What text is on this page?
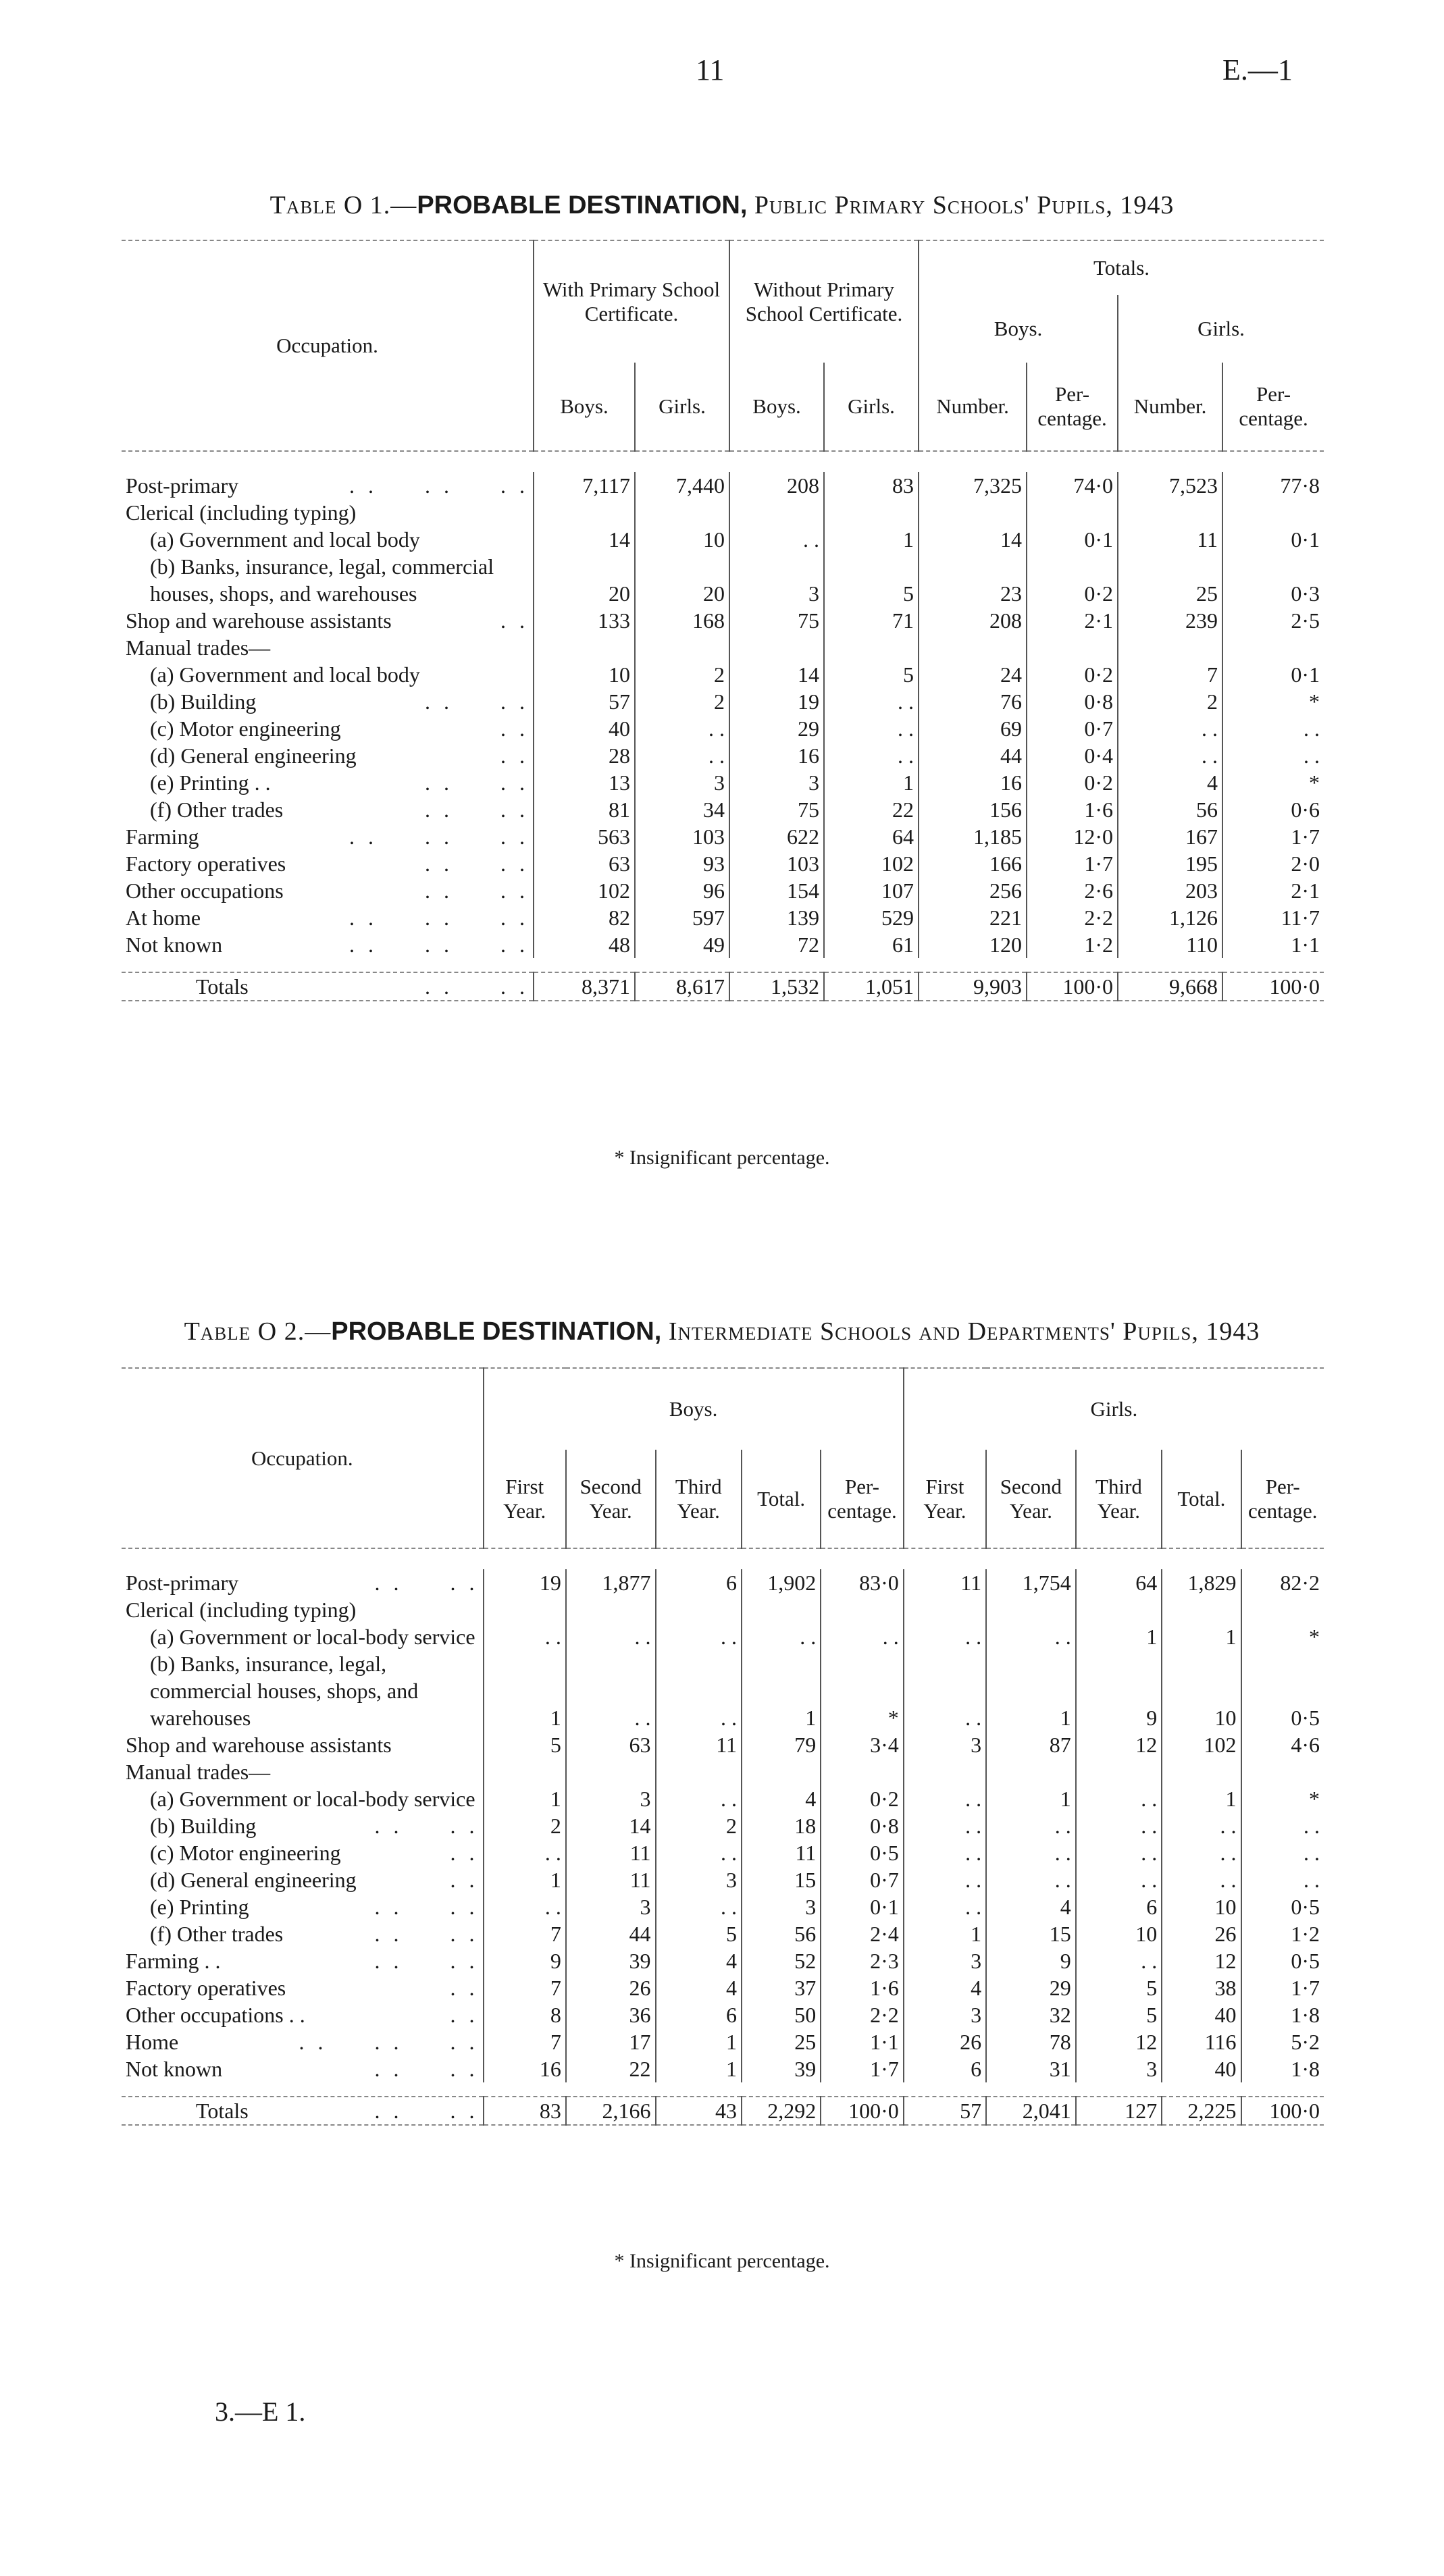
11	E.—1
Table O 1.—PROBABLE DESTINATION, Public Primary Schools' Pupils, 1943
Occupation.	With Primary School Certificate.		Without Primary School Certificate.		Totals.			
					Boys.		Girls.	
	Boys.	Girls.	Boys.	Girls.	Number.	Per-centage.	Number.	Per-centage.

Post-primary . .     . .     . .	7,117	7,440	208	83	7,325	74·0	7,523	77·8
Clerical (including typing)								
(a) Government and local body	14	10	. .	1	14	0·1	11	0·1
(b) Banks, insurance, legal, commercial houses, shops, and warehouses	20	20	3	5	23	0·2	25	0·3
Shop and warehouse assistants . .	133	168	75	71	208	2·1	239	2·5
Manual trades—								
(a) Government and local body	10	2	14	5	24	0·2	7	0·1
(b) Building . .     . .	57	2	19	. .	76	0·8	2	*
(c) Motor engineering . .	40	. .	29	. .	69	0·7	. .	. .
(d) General engineering . .	28	. .	16	. .	44	0·4	. .	. .
(e) Printing . . . .     . .	13	3	3	1	16	0·2	4	*
(f) Other trades . .     . .	81	34	75	22	156	1·6	56	0·6
Farming . .     . .     . .	563	103	622	64	1,185	12·0	167	1·7
Factory operatives . .     . .	63	93	103	102	166	1·7	195	2·0
Other occupations . .     . .	102	96	154	107	256	2·6	203	2·1
At home . .     . .     . .	82	597	139	529	221	2·2	1,126	11·7
Not known . .     . .     . .	48	49	72	61	120	1·2	110	1·1

Totals . .     . .	8,371	8,617	1,532	1,051	9,903	100·0	9,668	100·0
* Insignificant percentage.
Table O 2.—PROBABLE DESTINATION, Intermediate Schools and Departments' Pupils, 1943
Occupation.	Boys.					Girls.				
	First Year.	Second Year.	Third Year.	Total.	Per-centage.	First Year.	Second Year.	Third Year.	Total.	Per-centage.

Post-primary . .     . .	19	1,877	6	1,902	83·0	11	1,754	64	1,829	82·2
Clerical (including typing)										
(a) Government or local-body service	. .	. .	. .	. .	. .	. .	. .	1	1	*
(b) Banks, insurance, legal, commercial houses, shops, and warehouses	1	. .	. .	1	*	. .	1	9	10	0·5
Shop and warehouse assistants	5	63	11	79	3·4	3	87	12	102	4·6
Manual trades—										
(a) Government or local-body service	1	3	. .	4	0·2	. .	1	. .	1	*
(b) Building . .     . .	2	14	2	18	0·8	. .	. .	. .	. .	. .
(c) Motor engineering . .	. .	11	. .	11	0·5	. .	. .	. .	. .	. .
(d) General engineering . .	1	11	3	15	0·7	. .	. .	. .	. .	. .
(e) Printing . .     . .	. .	3	. .	3	0·1	. .	4	6	10	0·5
(f) Other trades . .     . .	7	44	5	56	2·4	1	15	10	26	1·2
Farming . . . .     . .	9	39	4	52	2·3	3	9	. .	12	0·5
Factory operatives . .	7	26	4	37	1·6	4	29	5	38	1·7
Other occupations . . . .	8	36	6	50	2·2	3	32	5	40	1·8
Home . .     . .     . .	7	17	1	25	1·1	26	78	12	116	5·2
Not known . .     . .	16	22	1	39	1·7	6	31	3	40	1·8

Totals . .     . .	83	2,166	43	2,292	100·0	57	2,041	127	2,225	100·0
* Insignificant percentage.
3.—E 1.
